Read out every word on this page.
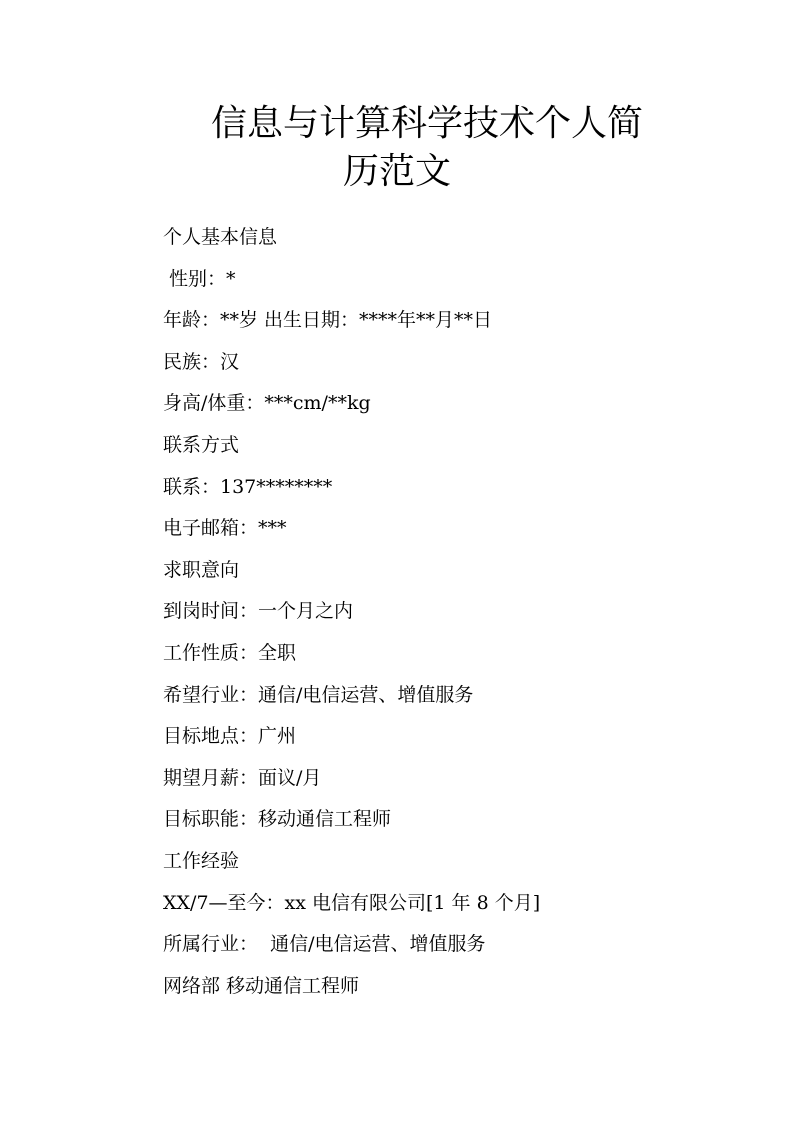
信息与计算科学技术个人简
历范文
个人基本信息
性别：*
年龄：**岁 出生日期：****年**月**日
民族：汉
身高/体重：***cm/**kg
联系方式
联系：137********
电子邮箱：***
求职意向
到岗时间：一个月之内
工作性质：全职
希望行业：通信/电信运营、增值服务
目标地点：广州
期望月薪：面议/月
目标职能：移动通信工程师
工作经验
XX/7—至今：xx 电信有限公司[1 年 8 个月]
所属行业：  通信/电信运营、增值服务
网络部 移动通信工程师
